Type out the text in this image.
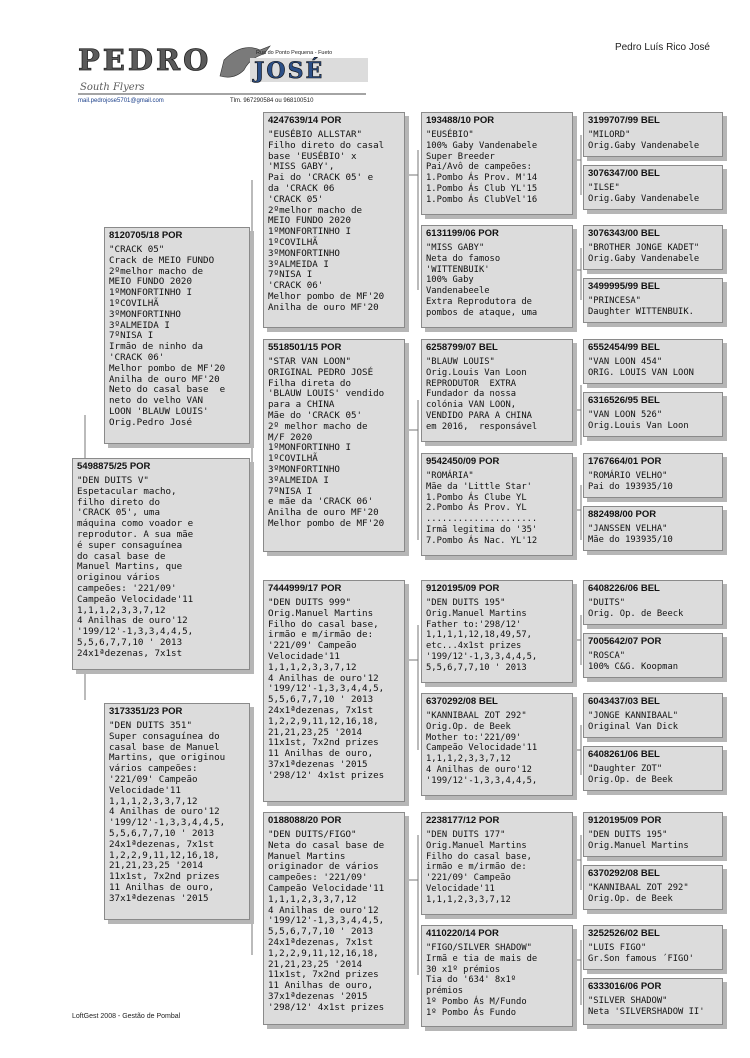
PEDRO JOSÉ
Rua do Ponto Pequena - Fueto
South Flyers
mail.pedrojose5701@gmail.com	Tlm. 967290584 ou 968100510
Pedro Luís Rico José
5498875/25 POR
"DEN DUITS V"
Espetacular macho,
filho direto do
'CRACK 05', uma
máquina como voador e
reprodutor. A sua mãe
é super consaguínea
do casal base de
Manuel Martins, que
originou vários
campeões: '221/09'
Campeão Velocidade'11
1,1,1,2,3,3,7,12
4 Anilhas de ouro'12
'199/12'-1,3,3,4,4,5,
5,5,6,7,7,10 ' 2013
24x1ªdezenas, 7x1st
8120705/18 POR
"CRACK 05"
Crack de MEIO FUNDO
2ºmelhor macho de
MEIO FUNDO 2020
1ºMONFORTINHO I
1ºCOVILHÃ
3ºMONFORTINHO
3ºALMEIDA I
7ºNISA I
Irmão de ninho da
'CRACK 06'
Melhor pombo de MF'20
Anilha de ouro MF'20
Neto do casal base  e
neto do velho VAN
LOON 'BLAUW LOUIS'
Orig.Pedro José
3173351/23 POR
"DEN DUITS 351"
Super consaguínea do
casal base de Manuel
Martins, que originou
vários campeões:
'221/09' Campeão
Velocidade'11
1,1,1,2,3,3,7,12
4 Anilhas de ouro'12
'199/12'-1,3,3,4,4,5,
5,5,6,7,7,10 ' 2013
24x1ªdezenas, 7x1st
1,2,2,9,11,12,16,18,
21,21,23,25 '2014
11x1st, 7x2nd prizes
11 Anilhas de ouro,
37x1ªdezenas '2015
4247639/14 POR
"EUSÉBIO ALLSTAR"
Filho direto do casal
base 'EUSÉBIO' x
'MISS GABY',
Pai do 'CRACK 05' e
da 'CRACK 06
'CRACK 05'
2ºmelhor macho de
MEIO FUNDO 2020
1ºMONFORTINHO I
1ºCOVILHÃ
3ºMONFORTINHO
3ºALMEIDA I
7ºNISA I
'CRACK 06'
Melhor pombo de MF'20
Anilha de ouro MF'20
5518501/15 POR
"STAR VAN LOON"
ORIGINAL PEDRO JOSÉ
Filha direta do
'BLAUW LOUIS' vendido
para a CHINA
Mãe do 'CRACK 05'
2º melhor macho de
M/F 2020
1ºMONFORTINHO I
1ºCOVILHÃ
3ºMONFORTINHO
3ºALMEIDA I
7ºNISA I
e mãe da 'CRACK 06'
Anilha de ouro MF'20
Melhor pombo de MF'20
7444999/17 POR
"DEN DUITS 999"
Orig.Manuel Martins
Filho do casal base,
irmão e m/irmão de:
'221/09' Campeão
Velocidade'11
1,1,1,2,3,3,7,12
4 Anilhas de ouro'12
'199/12'-1,3,3,4,4,5,
5,5,6,7,7,10 ' 2013
24x1ªdezenas, 7x1st
1,2,2,9,11,12,16,18,
21,21,23,25 '2014
11x1st, 7x2nd prizes
11 Anilhas de ouro,
37x1ªdezenas '2015
'298/12' 4x1st prizes
0188088/20 POR
"DEN DUITS/FIGO"
Neta do casal base de
Manuel Martins
originador de vários
campeões: '221/09'
Campeão Velocidade'11
1,1,1,2,3,3,7,12
4 Anilhas de ouro'12
'199/12'-1,3,3,4,4,5,
5,5,6,7,7,10 ' 2013
24x1ªdezenas, 7x1st
1,2,2,9,11,12,16,18,
21,21,23,25 '2014
11x1st, 7x2nd prizes
11 Anilhas de ouro,
37x1ªdezenas '2015
'298/12' 4x1st prizes
193488/10 POR
"EUSÉBIO"
100% Gaby Vandenabele
Super Breeder
Pai/Avô de campeões:
1.Pombo Ás Prov. M'14
1.Pombo Ás Club YL'15
1.Pombo Ás ClubVel'16
6131199/06 POR
"MISS GABY"
Neta do famoso
'WITTENBUIK'
100% Gaby
Vandenabeele
Extra Reprodutora de
pombos de ataque, uma
6258799/07 BEL
"BLAUW LOUIS"
Orig.Louis Van Loon
REPRODUTOR  EXTRA
Fundador da nossa
colónia VAN LOON,
VENDIDO PARA A CHINA
em 2016,  responsável
9542450/09 POR
"ROMÁRIA"
Mãe da 'Little Star'
1.Pombo Ás Clube YL
2.Pombo Ás Prov. YL
.....................
Irmã legitima do '35'
7.Pombo Ás Nac. YL'12
9120195/09 POR
"DEN DUITS 195"
Orig.Manuel Martins
Father to:'298/12'
1,1,1,1,12,18,49,57,
etc...4x1st prizes
'199/12'-1,3,3,4,4,5,
5,5,6,7,7,10 ' 2013
6370292/08 BEL
"KANNIBAAL ZOT 292"
Orig.Op. de Beek
Mother to:'221/09'
Campeão Velocidade'11
1,1,1,2,3,3,7,12
4 Anilhas de ouro'12
'199/12'-1,3,3,4,4,5,
2238177/12 POR
"DEN DUITS 177"
Orig.Manuel Martins
Filho do casal base,
irmão e m/irmão de:
'221/09' Campeão
Velocidade'11
1,1,1,2,3,3,7,12
4110220/14 POR
"FIGO/SILVER SHADOW"
Irmã e tia de mais de
30 x1º prémios
Tia do '634' 8x1º
prémios
1º Pombo Ás M/Fundo
1º Pombo Ás Fundo
3199707/99 BEL
"MILORD"
Orig.Gaby Vandenabele
3076347/00 BEL
"ILSE"
Orig.Gaby Vandenabele
3076343/00 BEL
"BROTHER JONGE KADET"
Orig.Gaby Vandenabele
3499995/99 BEL
"PRINCESA"
Daughter WITTENBUIK.
6552454/99 BEL
"VAN LOON 454"
ORIG. LOUIS VAN LOON
6316526/95 BEL
"VAN LOON 526"
Orig.Louis Van Loon
1767664/01 POR
"ROMÁRIO VELHO"
Pai do 193935/10
882498/00 POR
"JANSSEN VELHA"
Mãe do 193935/10
6408226/06 BEL
"DUITS"
Orig. Op. de Beeck
7005642/07 POR
"ROSCA"
100% C&G. Koopman
6043437/03 BEL
"JONGE KANNIBAAL"
Original Van Dick
6408261/06 BEL
"Daughter ZOT"
Orig.Op. de Beek
9120195/09 POR
"DEN DUITS 195"
Orig.Manuel Martins
6370292/08 BEL
"KANNIBAAL ZOT 292"
Orig.Op. de Beek
3252526/02 BEL
"LUIS FIGO"
Gr.Son famous ´FIGO'
6333016/06 POR
"SILVER SHADOW"
Neta 'SILVERSHADOW II'
LoftGest 2008 - Gestão de Pombal
